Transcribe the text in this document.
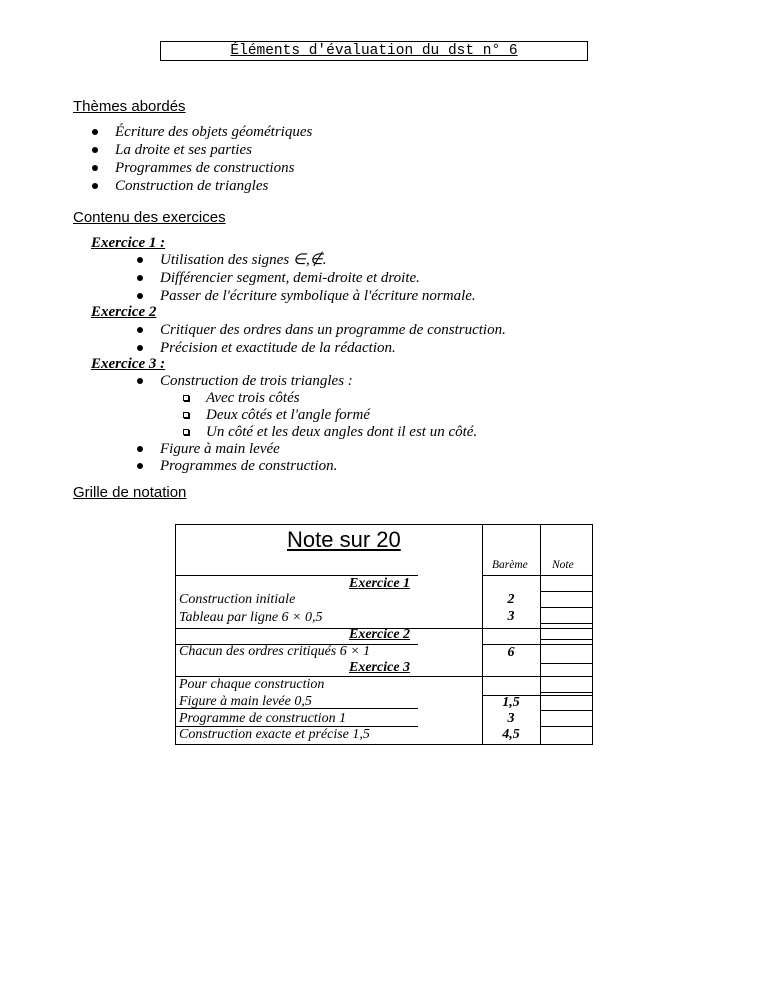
Éléments d'évaluation du dst n° 6
Thèmes abordés
Écriture des objets géométriques
La droite et ses parties
Programmes de constructions
Construction de triangles
Contenu des exercices
Exercice 1 :
Utilisation des signes ∈,∉.
Différencier segment, demi-droite et droite.
Passer de l'écriture symbolique à l'écriture normale.
Exercice 2
Critiquer des ordres dans un programme de construction.
Précision et exactitude de la rédaction.
Exercice 3 :
Construction de trois triangles :
Avec trois côtés
Deux côtés et l'angle formé
Un côté et les deux angles dont il est un côté.
Figure à main levée
Programmes de construction.
Grille de notation
Note sur 20
Barème Note
Exercice 1
Construction initiale
Tableau par ligne 6 × 0,5
2
3
Exercice 2
Chacun des ordres critiqués 6 × 1	6
Exercice 3
Pour chaque construction
Figure à main levée 0,5
Programme de construction 1
Construction exacte et précise 1,5
1,5
3
4,5
